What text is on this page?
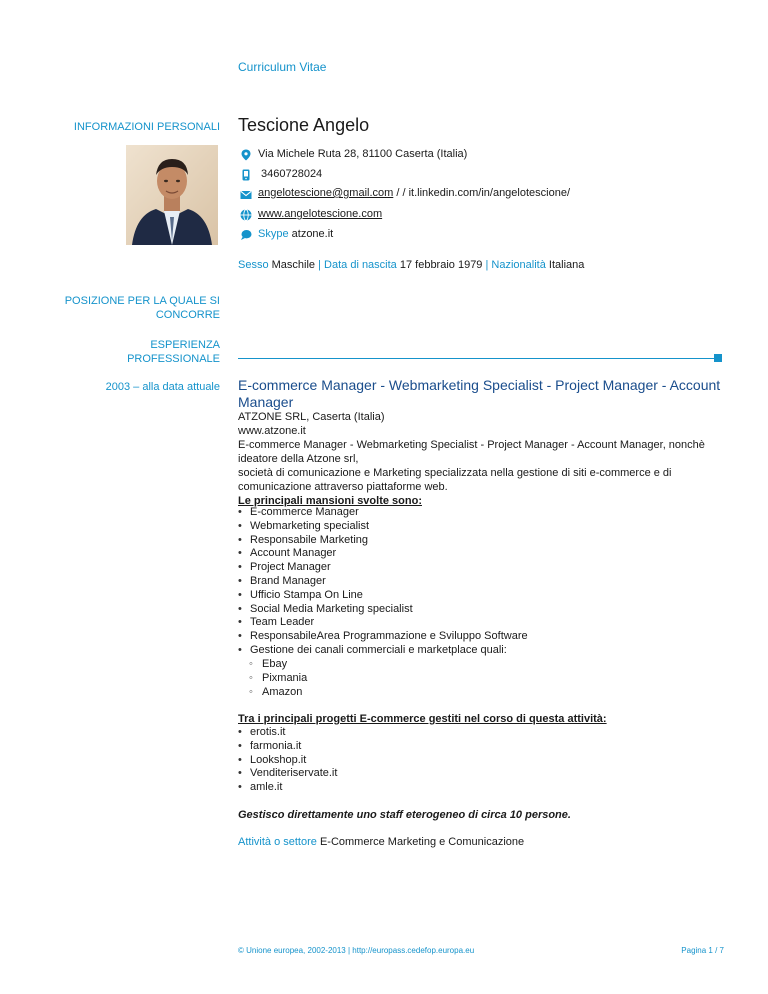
Curriculum Vitae
INFORMAZIONI PERSONALI
POSIZIONE PER LA QUALE SI
CONCORRE
ESPERIENZA
PROFESSIONALE
2003 – alla data attuale
Tescione Angelo
Via Michele Ruta 28, 81100 Caserta (Italia)
3460728024
angelotescione@gmail.com / / it.linkedin.com/in/angelotescione/
www.angelotescione.com
Skype atzone.it
Sesso Maschile | Data di nascita 17 febbraio 1979 | Nazionalità Italiana
E-commerce Manager - Webmarketing Specialist - Project Manager - Account Manager
ATZONE SRL, Caserta (Italia)
www.atzone.it
E-commerce Manager - Webmarketing Specialist - Project Manager - Account Manager, nonchè
ideatore della Atzone srl,
società di comunicazione e Marketing specializzata nella gestione di siti e-commerce e di
comunicazione attraverso piattaforme web.
Le principali mansioni svolte sono:
• E-commerce Manager
• Webmarketing specialist
• Responsabile Marketing
• Account Manager
• Project Manager
• Brand Manager
• Ufficio Stampa On Line
• Social Media Marketing specialist
• Team Leader
• ResponsabileArea Programmazione e Sviluppo Software
• Gestione dei canali commerciali e marketplace quali:
◦ Ebay
◦ Pixmania
◦ Amazon
Tra i principali progetti E-commerce gestiti nel corso di questa attività:
• erotis.it
• farmonia.it
• Lookshop.it
• Venditeriservate.it
• amle.it
Gestisco direttamente uno staff eterogeneo di circa 10 persone.
Attività o settore E-Commerce Marketing e Comunicazione
© Unione europea, 2002-2013 | http://europass.cedefop.europa.eu	Pagina 1 / 7
